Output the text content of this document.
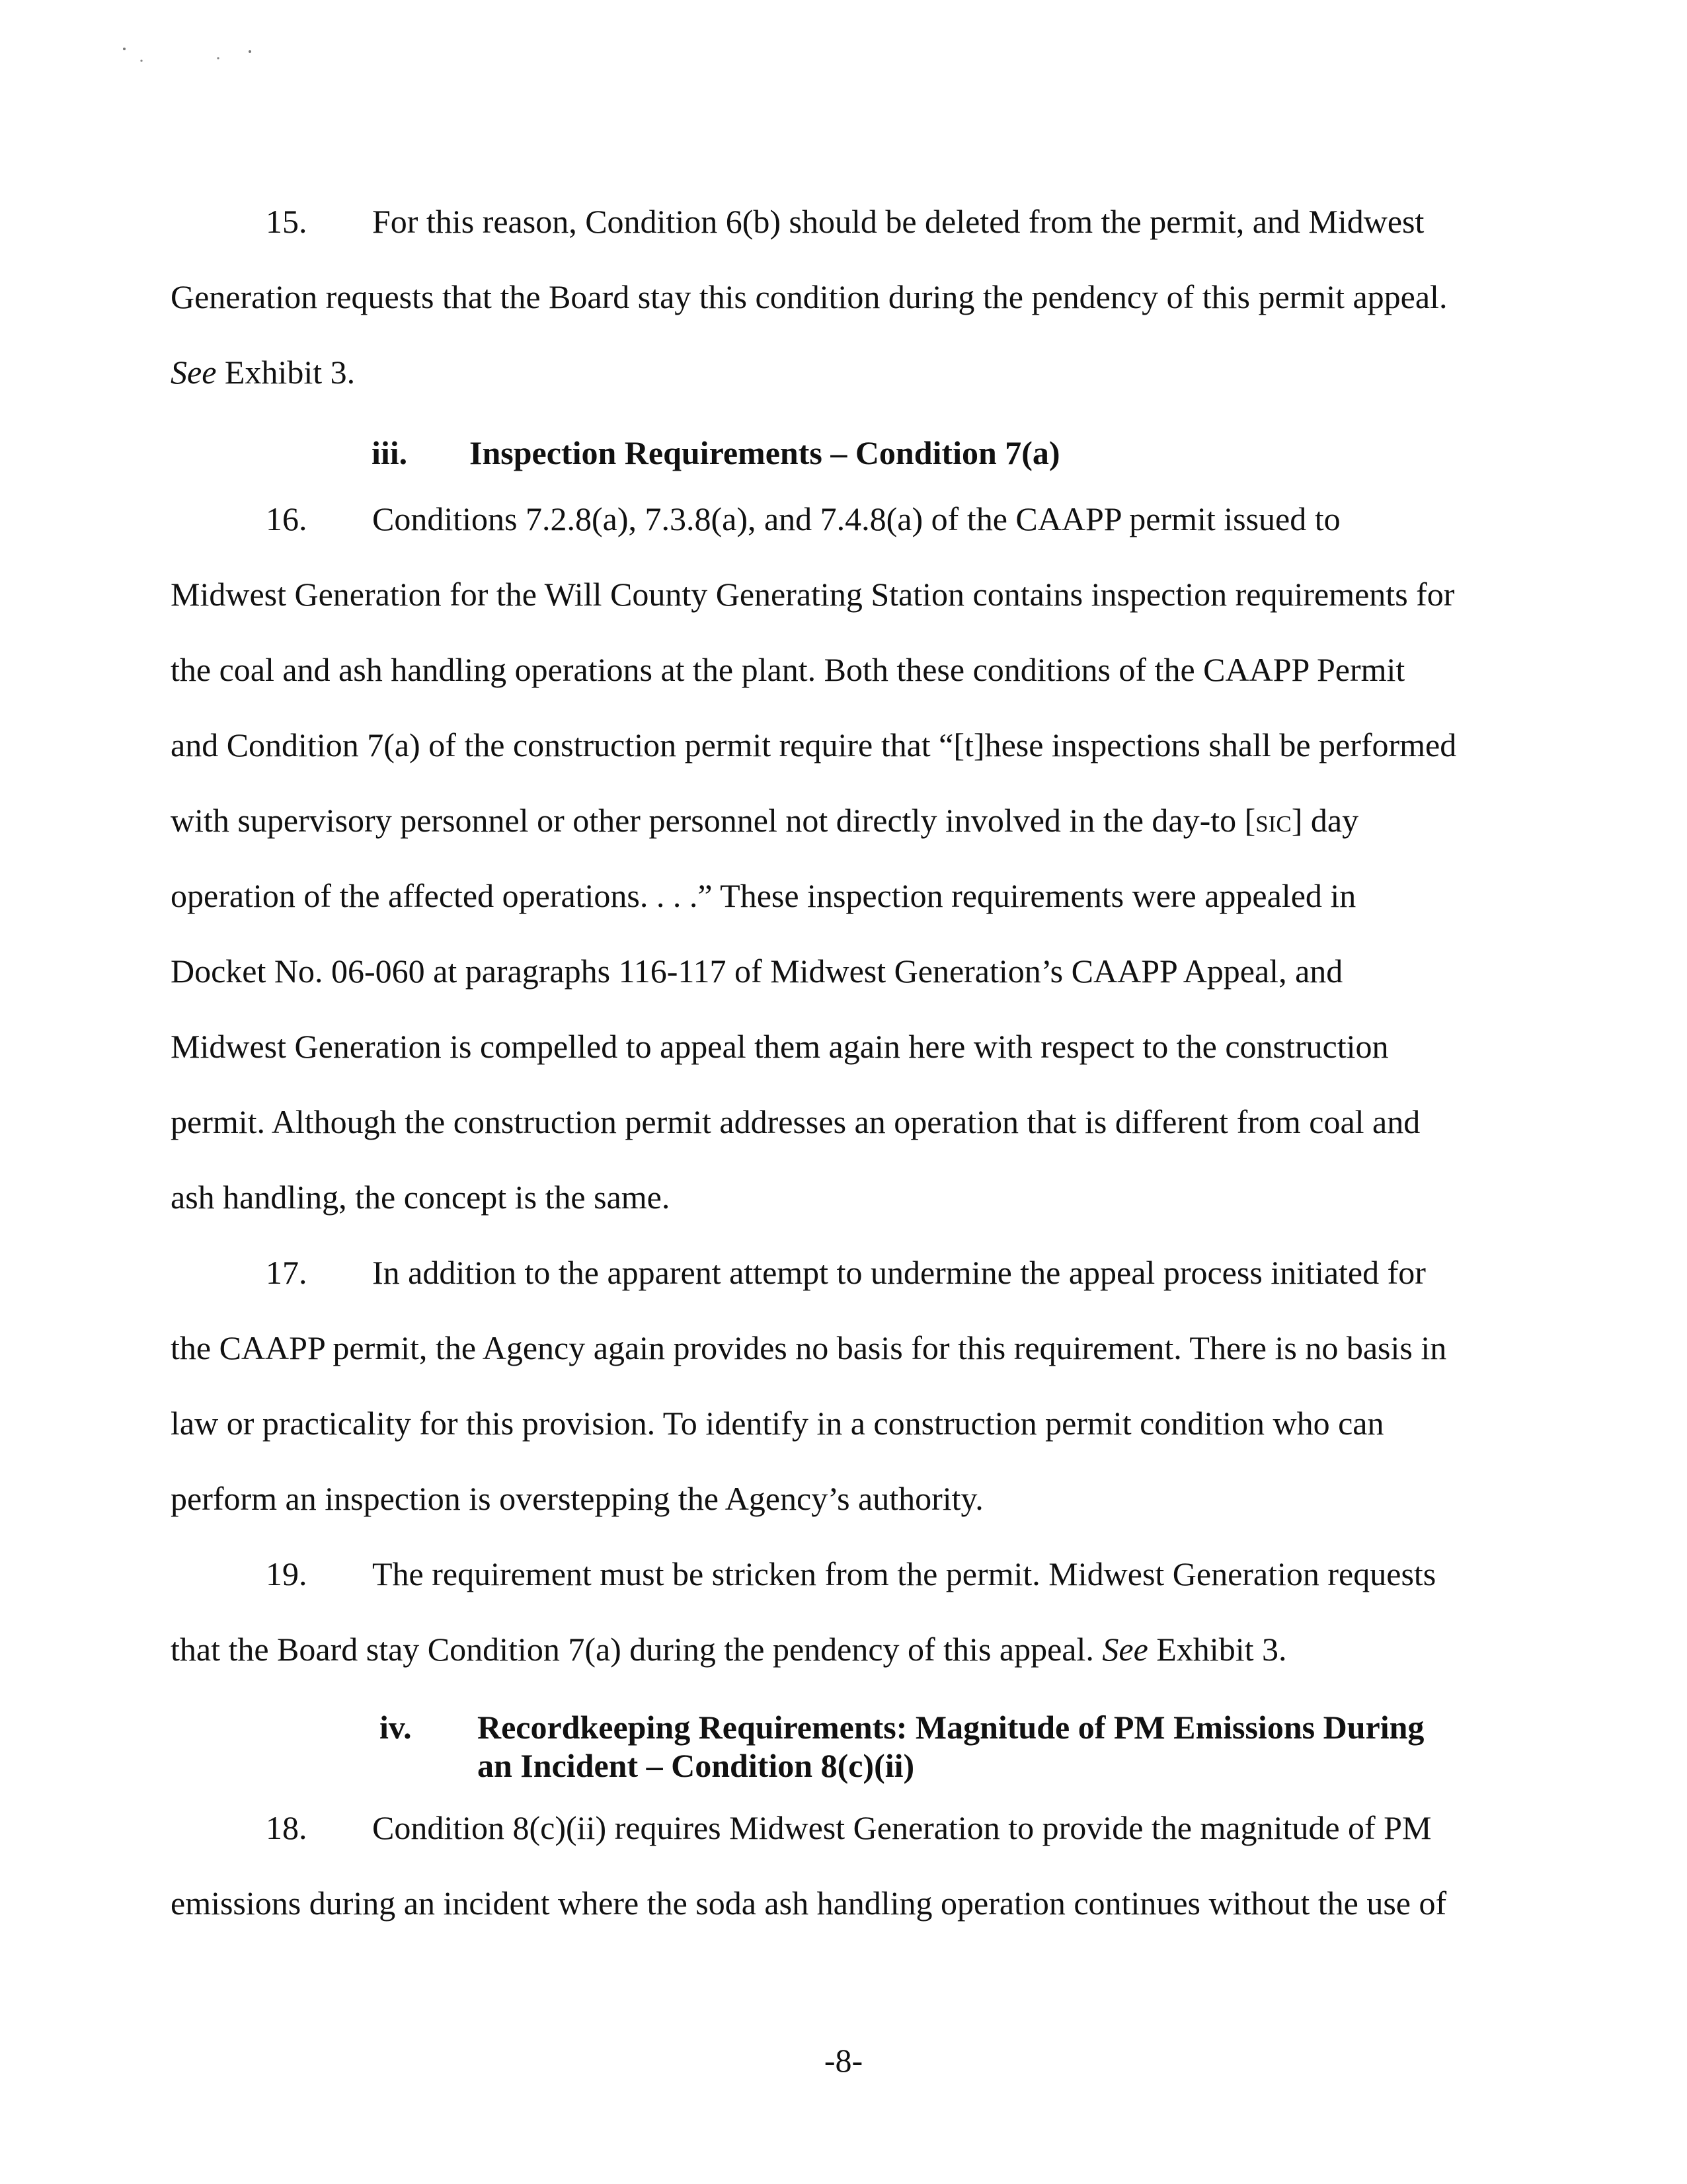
15. For this reason, Condition 6(b) should be deleted from the permit, and Midwest
Generation requests that the Board stay this condition during the pendency of this permit appeal.
See Exhibit 3.
iii. Inspection Requirements – Condition 7(a)
16. Conditions 7.2.8(a), 7.3.8(a), and 7.4.8(a) of the CAAPP permit issued to
Midwest Generation for the Will County Generating Station contains inspection requirements for
the coal and ash handling operations at the plant. Both these conditions of the CAAPP Permit
and Condition 7(a) of the construction permit require that “[t]hese inspections shall be performed
with supervisory personnel or other personnel not directly involved in the day-to [sic] day
operation of the affected operations. . . .” These inspection requirements were appealed in
Docket No. 06-060 at paragraphs 116-117 of Midwest Generation’s CAAPP Appeal, and
Midwest Generation is compelled to appeal them again here with respect to the construction
permit. Although the construction permit addresses an operation that is different from coal and
ash handling, the concept is the same.
17. In addition to the apparent attempt to undermine the appeal process initiated for
the CAAPP permit, the Agency again provides no basis for this requirement. There is no basis in
law or practicality for this provision. To identify in a construction permit condition who can
perform an inspection is overstepping the Agency’s authority.
19. The requirement must be stricken from the permit. Midwest Generation requests
that the Board stay Condition 7(a) during the pendency of this appeal. See Exhibit 3.
iv. Recordkeeping Requirements: Magnitude of PM Emissions During
an Incident – Condition 8(c)(ii)
18. Condition 8(c)(ii) requires Midwest Generation to provide the magnitude of PM
emissions during an incident where the soda ash handling operation continues without the use of
-8-
